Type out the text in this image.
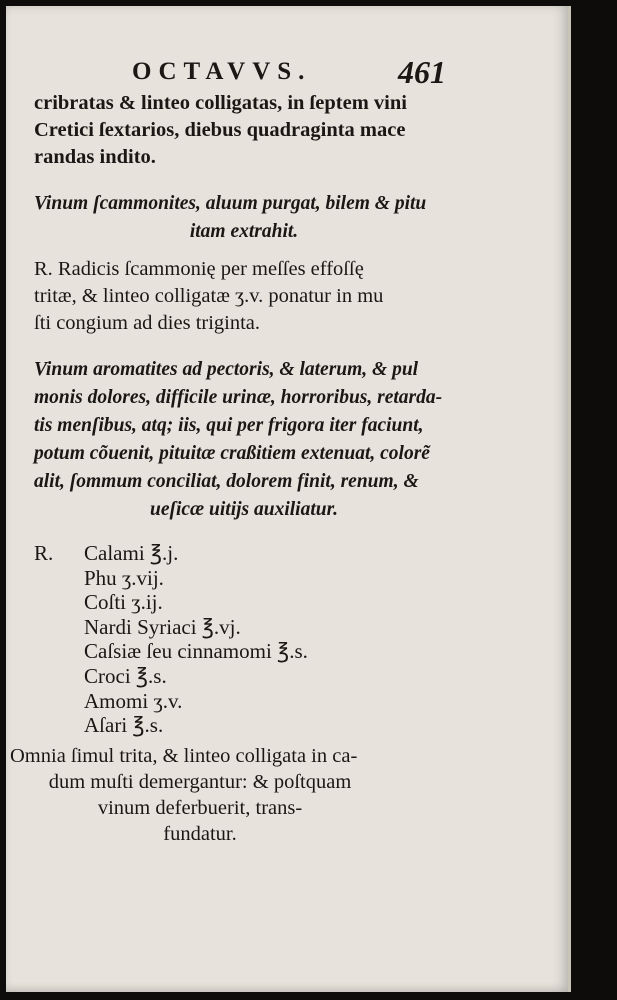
OCTAVVS.	461
cribratas & linteo colligatas, in ſeptem vini
Cretici ſextarios, diebus quadraginta mace
randas indito.
Vinum ſcammonites, aluum purgat, bilem & pitu
itam extrahit.
R. Radicis ſcammonię per meſſes effoſſę
tritæ, & linteo colligatæ ʒ.v. ponatur in mu
ſti congium ad dies triginta.
Vinum aromatites ad pectoris, & laterum, & pul
monis dolores, difficile urinæ, horroribus, retarda-
tis menſibus, atq; iis, qui per frigora iter faciunt,
potum cõuenit, pituitæ craßitiem extenuat, colorẽ
alit, ſommum conciliat, dolorem finit, renum, &
ueſicæ uitijs auxiliatur.
R. Calami ℥.j.
Phu ʒ.vij.
Coſti ʒ.ij.
Nardi Syriaci ℥.vj.
Caſsiæ ſeu cinnamomi ℥.s.
Croci ℥.s.
Amomi ʒ.v.
Aſari ℥.s.
Omnia ſimul trita, & linteo colligata in ca-
dum muſti demergantur: & poſtquam
vinum deferbuerit, trans-
fundatur.
